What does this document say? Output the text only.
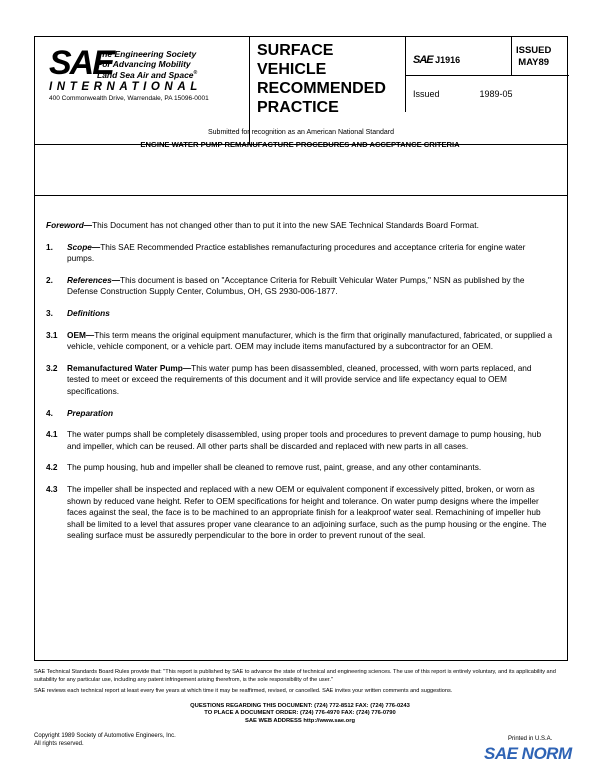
SAE
The Engineering Society
For Advancing Mobility
Land Sea Air and Space®
INTERNATIONAL
400 Commonwealth Drive, Warrendale, PA 15096-0001
SURFACE
VEHICLE
RECOMMENDED
PRACTICE
SAE J1916
ISSUED
MAY89
Issued	1989-05
Submitted for recognition as an American National Standard
ENGINE WATER PUMP REMANUFACTURE PROCEDURES AND ACCEPTANCE CRITERIA
Foreword—This Document has not changed other than to put it into the new SAE Technical Standards Board Format.
1. Scope—This SAE Recommended Practice establishes remanufacturing procedures and acceptance criteria for engine water pumps.
2. References—This document is based on "Acceptance Criteria for Rebuilt Vehicular Water Pumps," NSN as published by the Defense Construction Supply Center, Columbus, OH, GS 2930-006-1877.
3. Definitions
3.1 OEM—This term means the original equipment manufacturer, which is the firm that originally manufactured, fabricated, or supplied a vehicle, vehicle component, or a vehicle part. OEM may include items manufactured by a subcontractor for an OEM.
3.2 Remanufactured Water Pump—This water pump has been disassembled, cleaned, processed, with worn parts replaced, and tested to meet or exceed the requirements of this document and it will provide service and life expectancy equal to OEM specifications.
4. Preparation
4.1 The water pumps shall be completely disassembled, using proper tools and procedures to prevent damage to pump housing, hub and impeller, which can be reused. All other parts shall be discarded and replaced with new parts in all cases.
4.2 The pump housing, hub and impeller shall be cleaned to remove rust, paint, grease, and any other contaminants.
4.3 The impeller shall be inspected and replaced with a new OEM or equivalent component if excessively pitted, broken, or worn as shown by reduced vane height. Refer to OEM specifications for height and tolerance. On water pump designs where the impeller faces against the seal, the face is to be machined to an appropriate finish for a leakproof water seal. Remachining of impeller hub shall be limited to a level that assures proper vane clearance to an adjoining surface, such as the pump housing or the engine. The sealing surface must be assuredly perpendicular to the bore in order to prevent runout of the seal.

SAE Technical Standards Board Rules provide that: "This report is published by SAE to advance the state of technical and engineering sciences. The use of this report is entirely voluntary, and its applicability and suitability for any particular use, including any patent infringement arising therefrom, is the sole responsibility of the user."

SAE reviews each technical report at least every five years at which time it may be reaffirmed, revised, or cancelled. SAE invites your written comments and suggestions.

QUESTIONS REGARDING THIS DOCUMENT: (724) 772-8512 FAX: (724) 776-0243
TO PLACE A DOCUMENT ORDER: (724) 776-4970 FAX: (724) 776-0790
SAE WEB ADDRESS http://www.sae.org
Copyright 1989 Society of Automotive Engineers, Inc.
All rights reserved.
Printed in U.S.A.
SAE NORM
